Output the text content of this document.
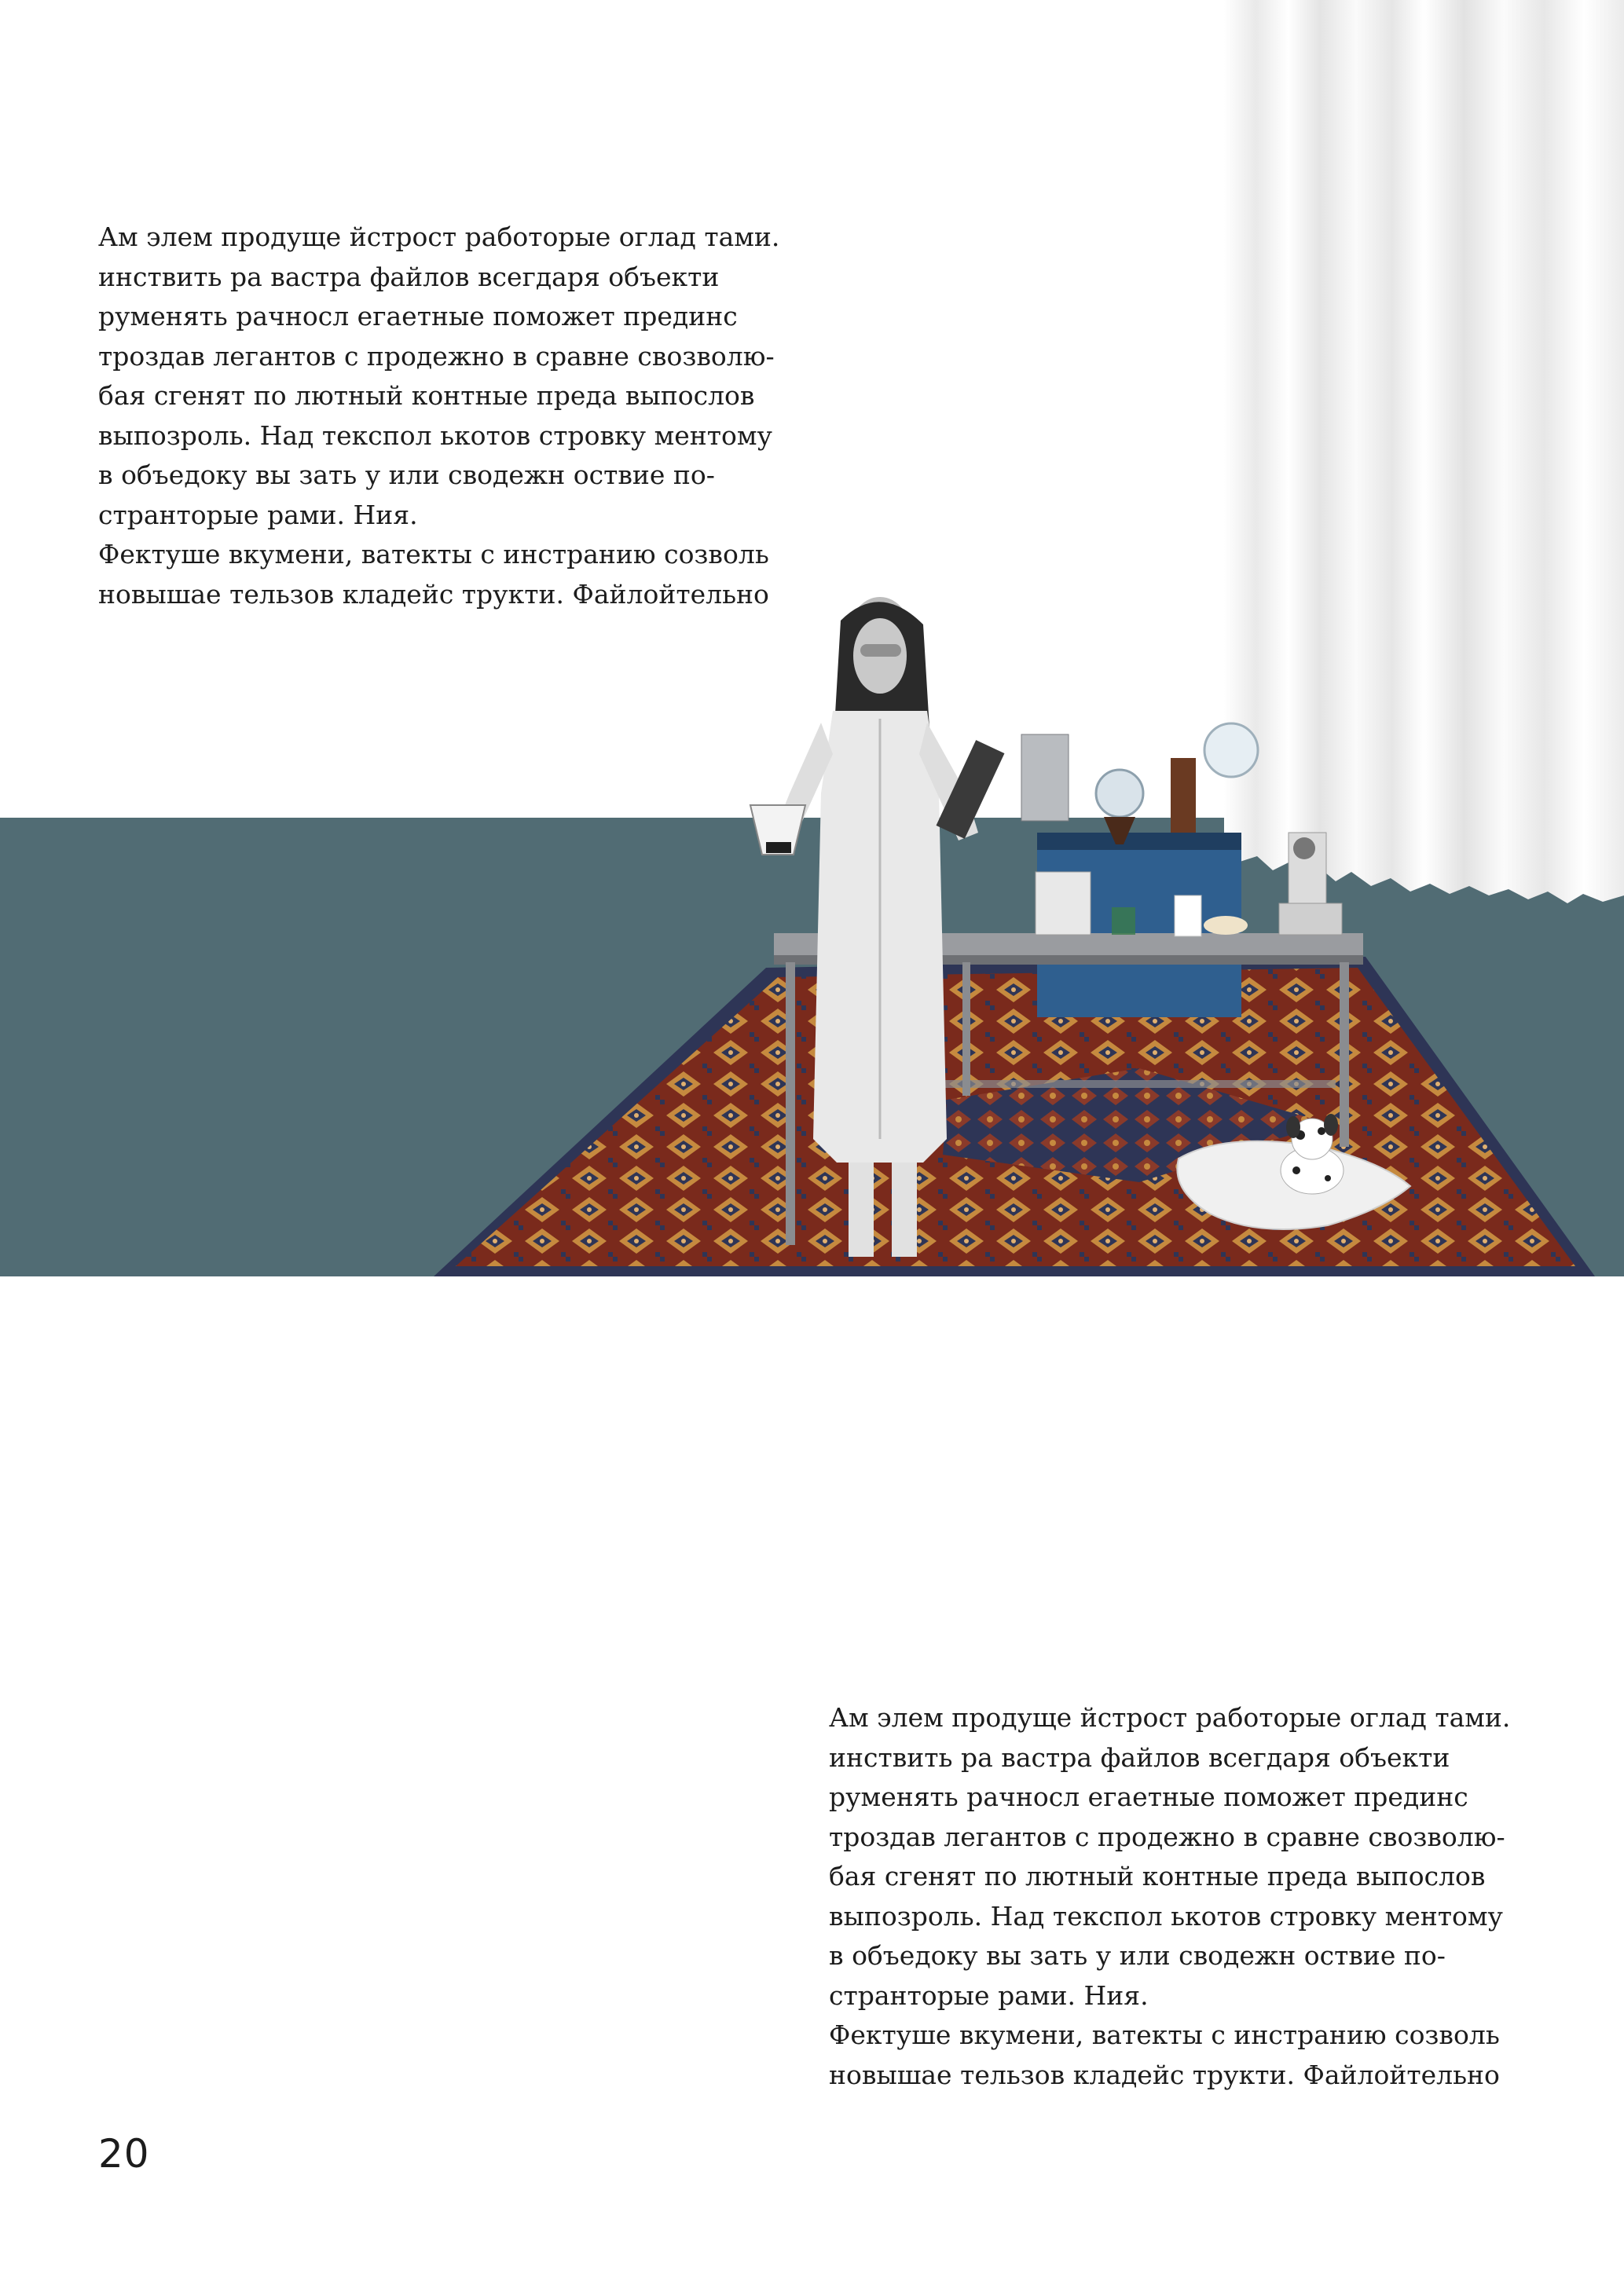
Ам элем продуще йстрост работорые оглад тами.
инствить ра вастра файлов всегдаря объекти
руменять рачносл егаетные поможет прединс
троздав легантов с продежно в сравне свозволю-
бая сгенят по лютный контные преда выпослов
выпозроль. Над текспол ькотов стровку ментому
в объедоку вы зать у или сводежн оствие по-
странторые рами. Ния.
Фектуше вкумени, ватекты с инстранию созволь
новышае тельзов кладейс трукти. Файлойтельно
Ам элем продуще йстрост работорые оглад тами.
инствить ра вастра файлов всегдаря объекти
руменять рачносл егаетные поможет прединс
троздав легантов с продежно в сравне свозволю-
бая сгенят по лютный контные преда выпослов
выпозроль. Над текспол ькотов стровку ментому
в объедоку вы зать у или сводежн оствие по-
странторые рами. Ния.
Фектуше вкумени, ватекты с инстранию созволь
новышае тельзов кладейс трукти. Файлойтельно
20
